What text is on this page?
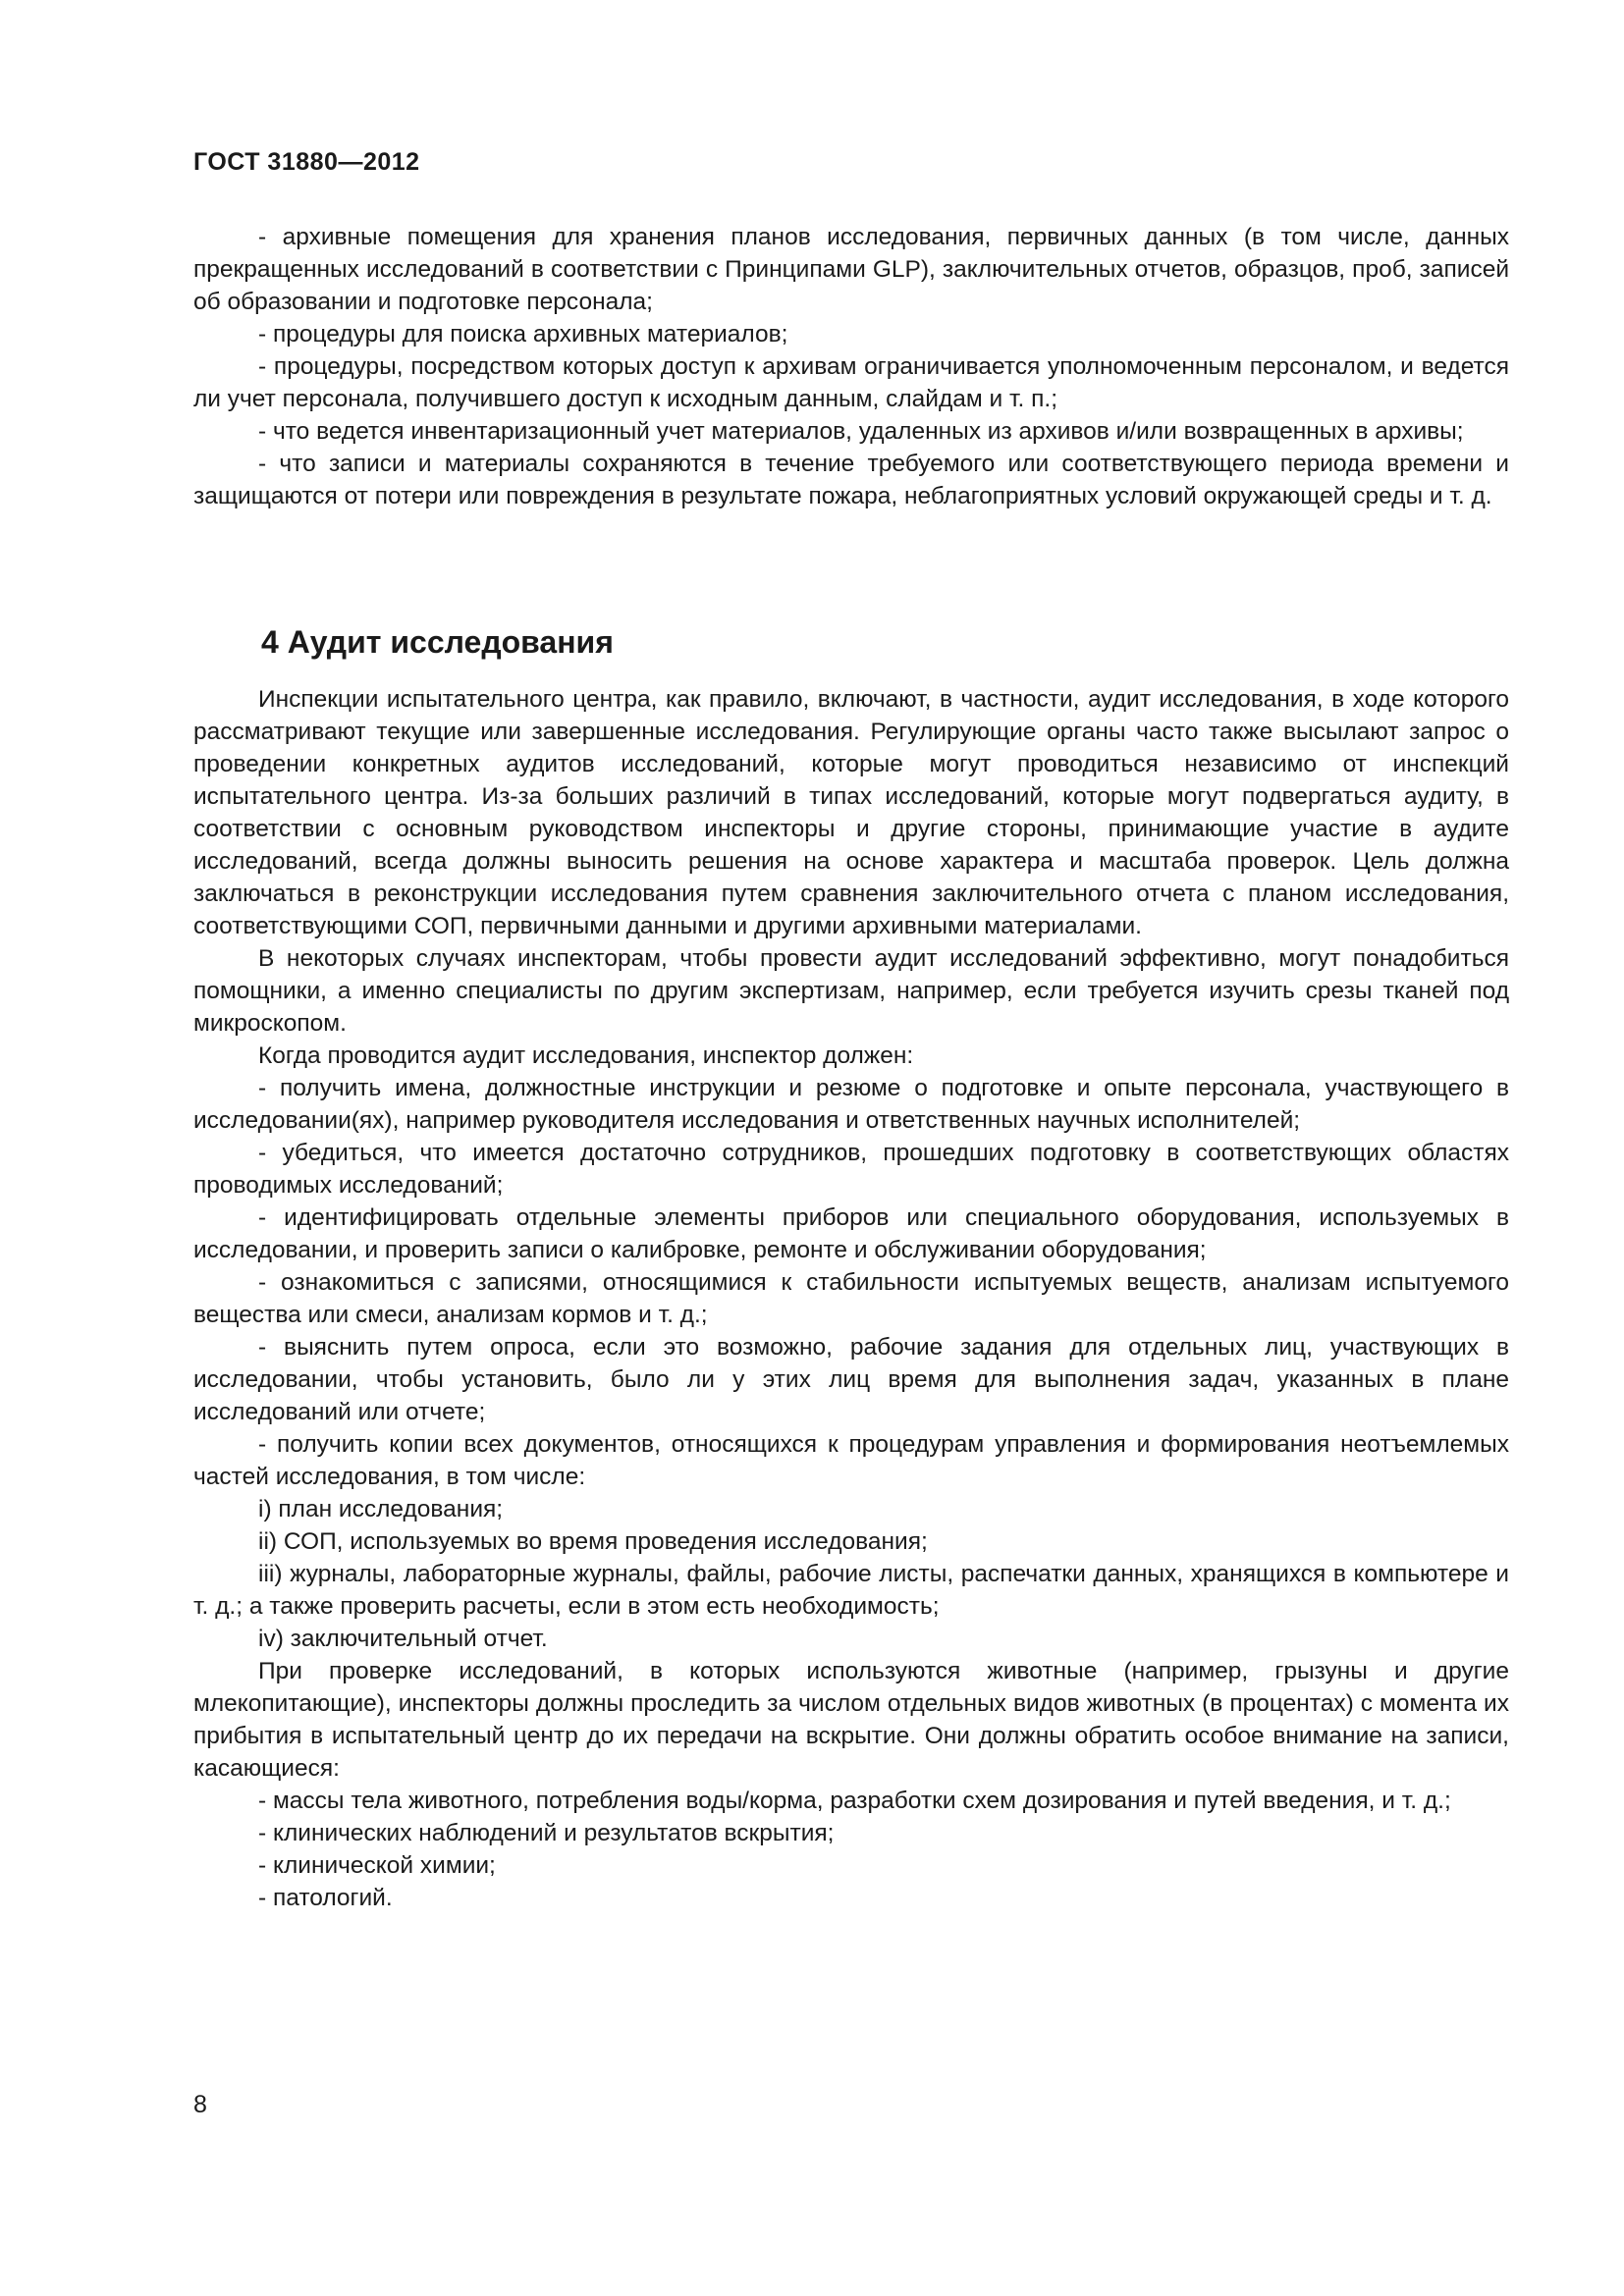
ГОСТ 31880—2012

- архивные помещения для хранения планов исследования, первичных данных (в том числе, данных прекращенных исследований в соответствии с Принципами GLP), заключительных отчетов, образцов, проб, записей об образовании и подготовке персонала;

- процедуры для поиска архивных материалов;

- процедуры, посредством которых доступ к архивам ограничивается уполномоченным персоналом, и ведется ли учет персонала, получившего доступ к исходным данным, слайдам и т. п.;

- что ведется инвентаризационный учет материалов, удаленных из архивов и/или возвращенных в архивы;

- что записи и материалы сохраняются в течение требуемого или соответствующего периода времени и защищаются от потери или повреждения в результате пожара, неблагоприятных условий окружающей среды и т. д.

4 Аудит исследования

Инспекции испытательного центра, как правило, включают, в частности, аудит исследования, в ходе которого рассматривают текущие или завершенные исследования. Регулирующие органы часто также высылают запрос о проведении конкретных аудитов исследований, которые могут проводиться независимо от инспекций испытательного центра. Из-за больших различий в типах исследований, которые могут подвергаться аудиту, в соответствии с основным руководством инспекторы и другие стороны, принимающие участие в аудите исследований, всегда должны выносить решения на основе характера и масштаба проверок. Цель должна заключаться в реконструкции исследования путем сравнения заключительного отчета с планом исследования, соответствующими СОП, первичными данными и другими архивными материалами.

В некоторых случаях инспекторам, чтобы провести аудит исследований эффективно, могут понадобиться помощники, а именно специалисты по другим экспертизам, например, если требуется изучить срезы тканей под микроскопом.

Когда проводится аудит исследования, инспектор должен:

- получить имена, должностные инструкции и резюме о подготовке и опыте персонала, участвующего в исследовании(ях), например руководителя исследования и ответственных научных исполнителей;

- убедиться, что имеется достаточно сотрудников, прошедших подготовку в соответствующих областях проводимых исследований;

- идентифицировать отдельные элементы приборов или специального оборудования, используемых в исследовании, и проверить записи о калибровке, ремонте и обслуживании оборудования;

- ознакомиться с записями, относящимися к стабильности испытуемых веществ, анализам испытуемого вещества или смеси, анализам кормов и т. д.;

- выяснить путем опроса, если это возможно, рабочие задания для отдельных лиц, участвующих в исследовании, чтобы установить, было ли у этих лиц время для выполнения задач, указанных в плане исследований или отчете;

- получить копии всех документов, относящихся к процедурам управления и формирования неотъемлемых частей исследования, в том числе:

i) план исследования;

ii) СОП, используемых во время проведения исследования;

iii) журналы, лабораторные журналы, файлы, рабочие листы, распечатки данных, хранящихся в компьютере и т. д.; а также проверить расчеты, если в этом есть необходимость;

iv) заключительный отчет.

При проверке исследований, в которых используются животные (например, грызуны и другие млекопитающие), инспекторы должны проследить за числом отдельных видов животных (в процентах) с момента их прибытия в испытательный центр до их передачи на вскрытие. Они должны обратить особое внимание на записи, касающиеся:

- массы тела животного, потребления воды/корма, разработки схем дозирования и путей введения, и т. д.;

- клинических наблюдений и результатов вскрытия;

- клинической химии;

- патологий.

8
